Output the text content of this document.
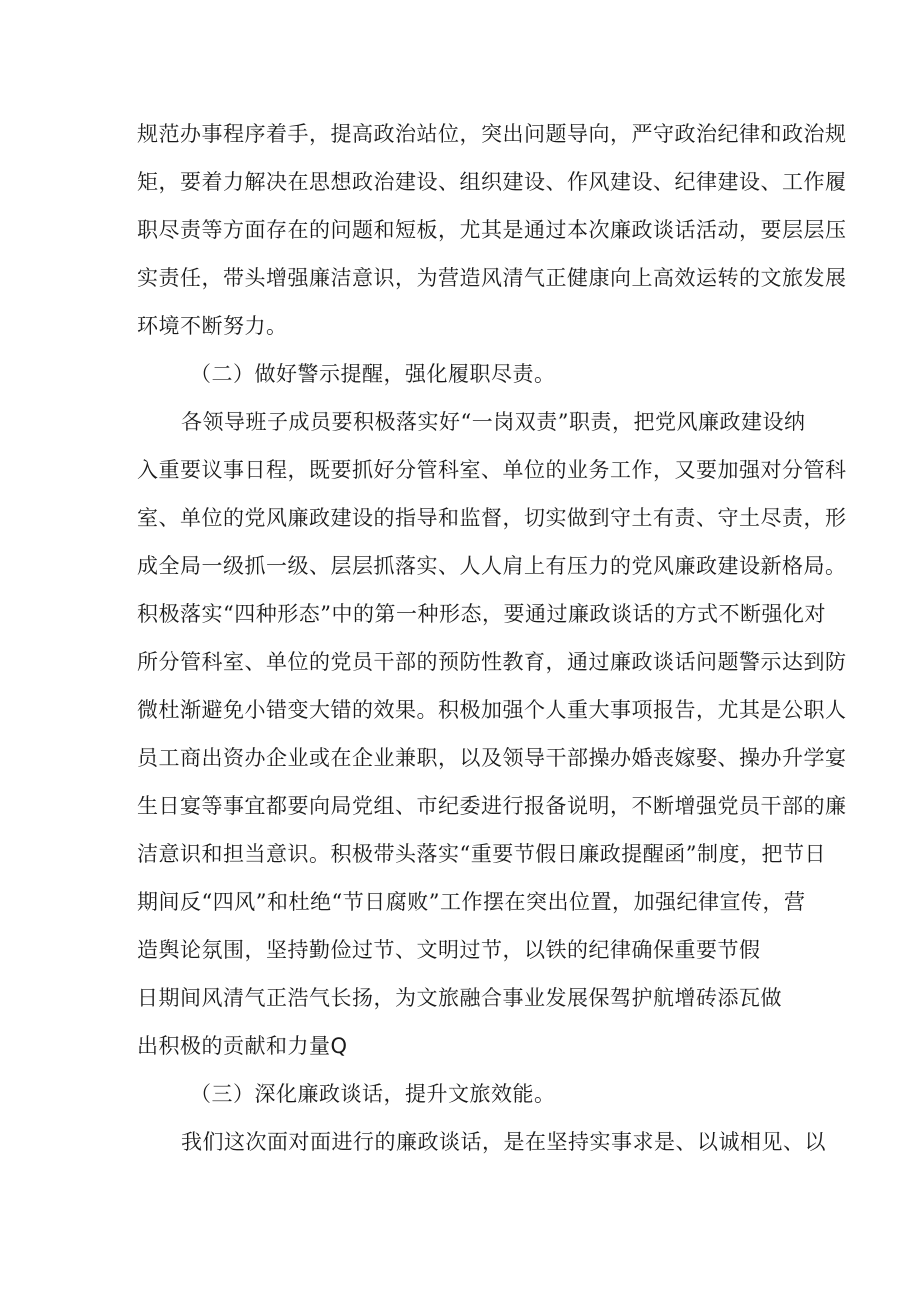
规范办事程序着手，提高政治站位，突出问题导向，严守政治纪律和政治规
矩，要着力解决在思想政治建设、组织建设、作风建设、纪律建设、工作履
职尽责等方面存在的问题和短板，尤其是通过本次廉政谈话活动，要层层压
实责任，带头增强廉洁意识，为营造风清气正健康向上高效运转的文旅发展
环境不断努力。
（二）做好警示提醒，强化履职尽责。
各领导班子成员要积极落实好“一岗双责”职责，把党风廉政建设纳
入重要议事日程，既要抓好分管科室、单位的业务工作，又要加强对分管科
室、单位的党风廉政建设的指导和监督，切实做到守土有责、守土尽责，形
成全局一级抓一级、层层抓落实、人人肩上有压力的党风廉政建设新格局。
积极落实“四种形态”中的第一种形态，要通过廉政谈话的方式不断强化对
所分管科室、单位的党员干部的预防性教育，通过廉政谈话问题警示达到防
微杜渐避免小错变大错的效果。积极加强个人重大事项报告，尤其是公职人
员工商出资办企业或在企业兼职，以及领导干部操办婚丧嫁娶、操办升学宴
生日宴等事宜都要向局党组、市纪委进行报备说明，不断增强党员干部的廉
洁意识和担当意识。积极带头落实“重要节假日廉政提醒函”制度，把节日
期间反“四风”和杜绝“节日腐败”工作摆在突出位置，加强纪律宣传，营
造舆论氛围，坚持勤俭过节、文明过节，以铁的纪律确保重要节假
日期间风清气正浩气长扬，为文旅融合事业发展保驾护航增砖添瓦做
出积极的贡献和力量Q
（三）深化廉政谈话，提升文旅效能。
我们这次面对面进行的廉政谈话，是在坚持实事求是、以诚相见、以
